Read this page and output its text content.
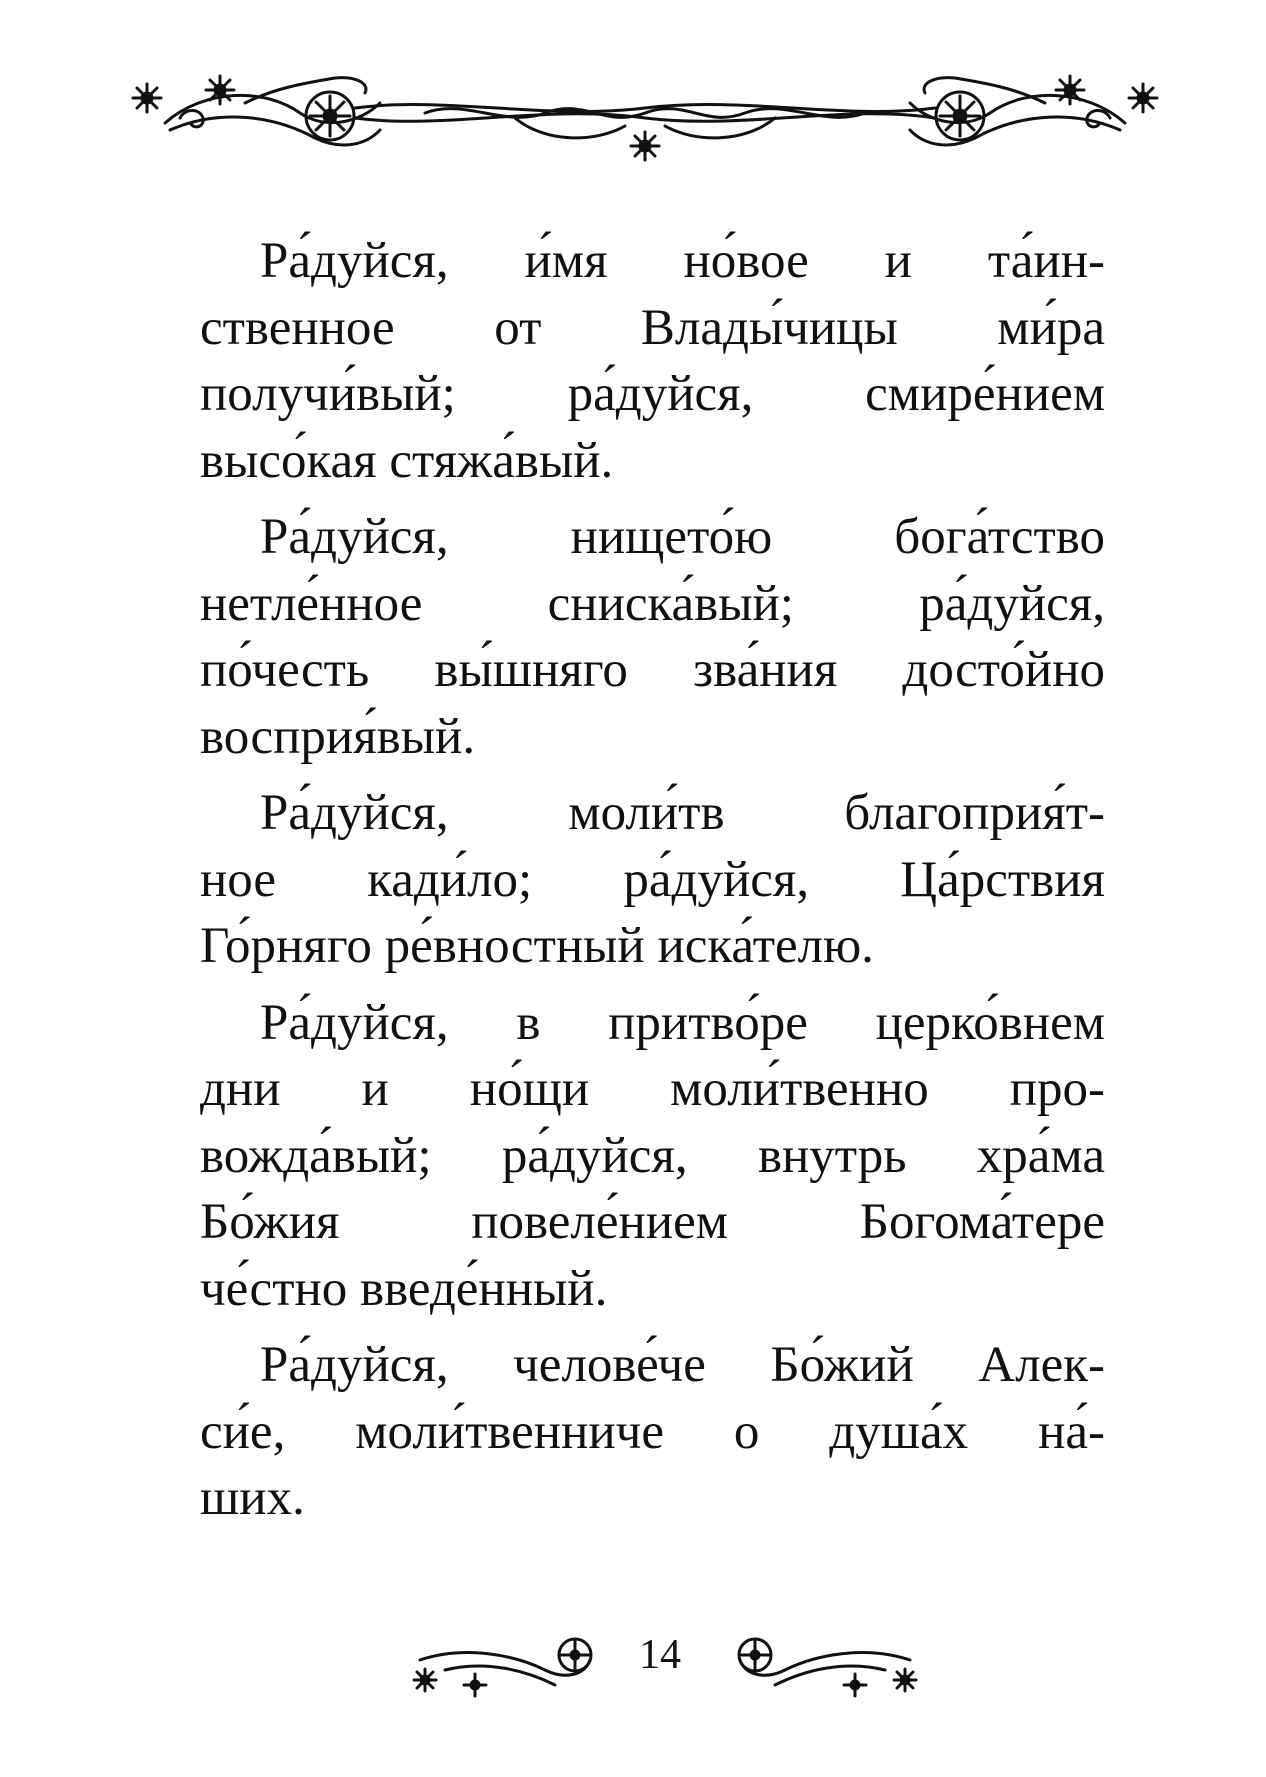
Ра́дуйся, и́мя но́вое и та́ин-
ственное от Влады́чицы ми́ра
получи́вый; ра́дуйся, смире́нием
высо́кая стяжа́вый.
Ра́дуйся, нището́ю бога́тство
нетле́нное сниска́вый; ра́дуйся,
по́честь вы́шняго зва́ния досто́йно
восприя́вый.
Ра́дуйся, моли́тв благоприя́т-
ное кади́ло; ра́дуйся, Ца́рствия
Го́рняго ре́вностный иска́телю.
Ра́дуйся, в притво́ре церко́внем
дни и но́щи моли́твенно про-
вожда́вый; ра́дуйся, внутрь хра́ма
Бо́жия повеле́нием Богома́тере
че́стно введе́нный.
Ра́дуйся, челове́че Бо́жий Алек-
си́е, моли́твенниче о душа́х на́-
ших.
14
